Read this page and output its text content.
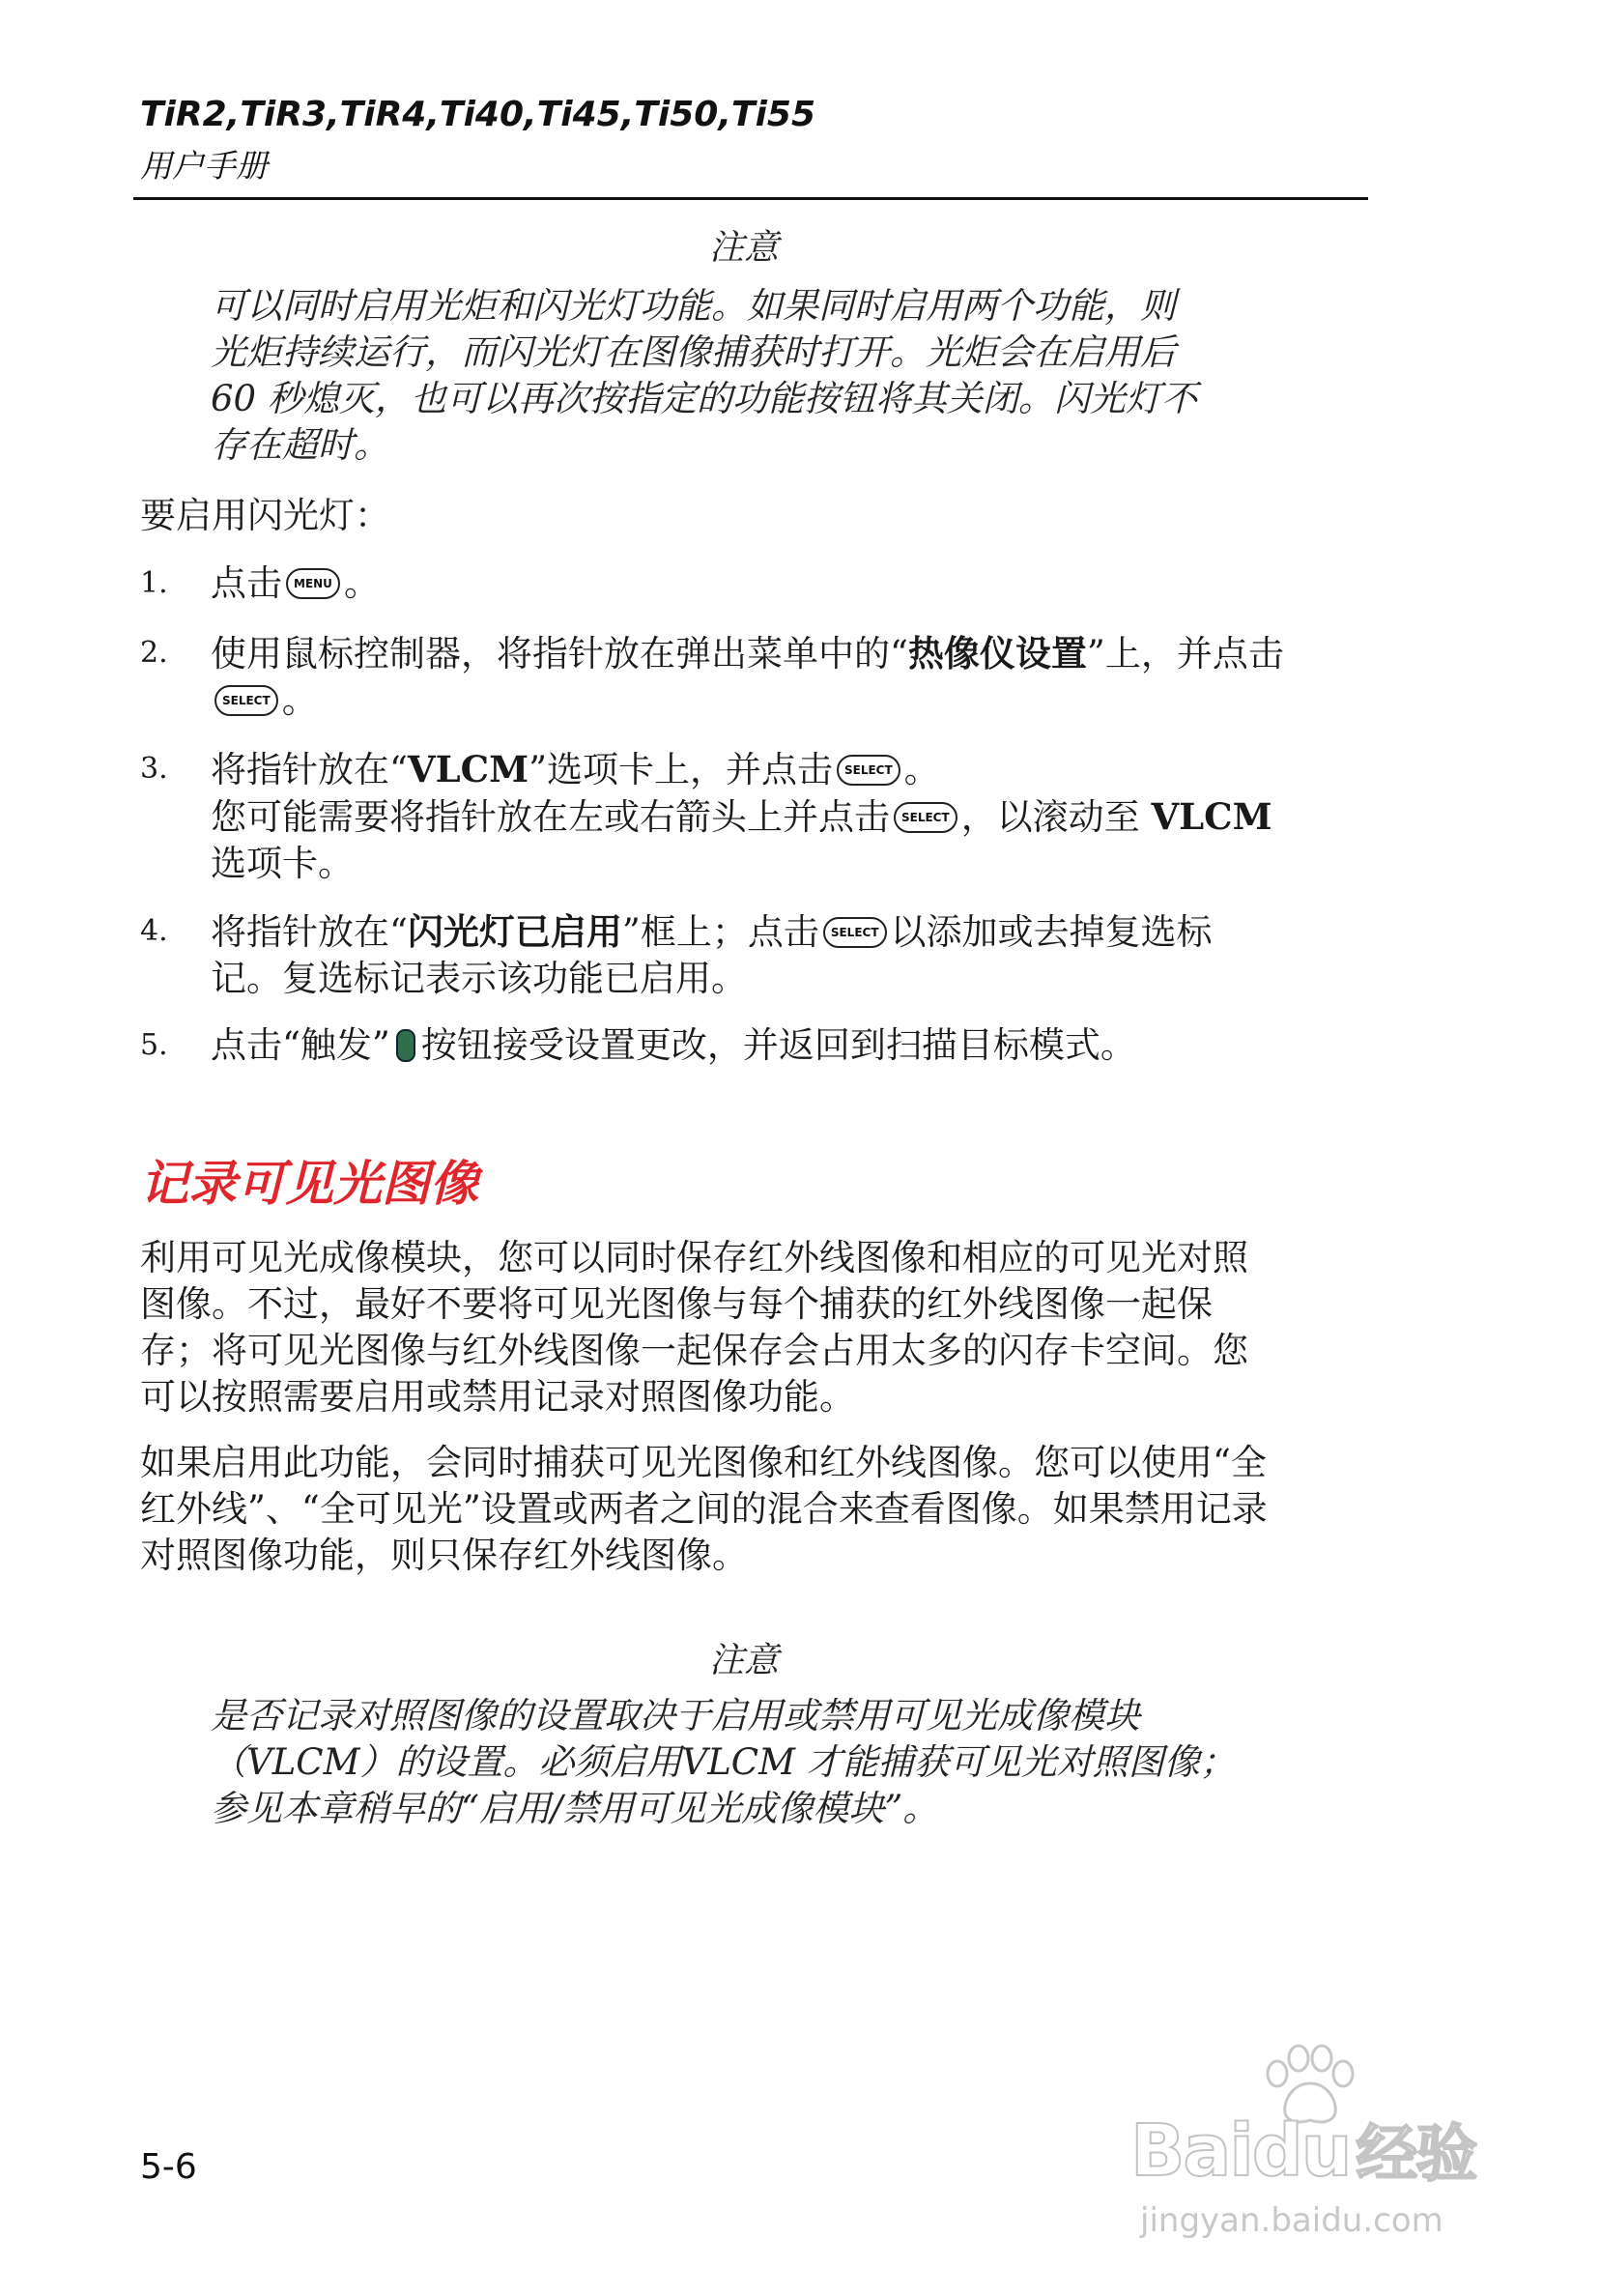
TiR2,TiR3,TiR4,Ti40,Ti45,Ti50,Ti55
用户手册
注意
可以同时启用光炬和闪光灯功能。如果同时启用两个功能，则
光炬持续运行，而闪光灯在图像捕获时打开。光炬会在启用后
60 秒熄灭，也可以再次按指定的功能按钮将其关闭。闪光灯不
存在超时。
要启用闪光灯：
1. 点击 MENU 。
2. 使用鼠标控制器，将指针放在弹出菜单中的“热像仪设置”上，并点击
SELECT 。
3. 将指针放在“VLCM”选项卡上，并点击 SELECT 。
您可能需要将指针放在左或右箭头上并点击 SELECT ，以滚动至 VLCM
选项卡。
4. 将指针放在“闪光灯已启用”框上；点击 SELECT 以添加或去掉复选标
记。复选标记表示该功能已启用。
5. 点击“触发” 按钮接受设置更改，并返回到扫描目标模式。
记录可见光图像
利用可见光成像模块，您可以同时保存红外线图像和相应的可见光对照
图像。不过，最好不要将可见光图像与每个捕获的红外线图像一起保
存；将可见光图像与红外线图像一起保存会占用太多的闪存卡空间。您
可以按照需要启用或禁用记录对照图像功能。
如果启用此功能，会同时捕获可见光图像和红外线图像。您可以使用“全
红外线”、“全可见光”设置或两者之间的混合来查看图像。如果禁用记录
对照图像功能，则只保存红外线图像。
注意
是否记录对照图像的设置取决于启用或禁用可见光成像模块
（VLCM）的设置。必须启用VLCM 才能捕获可见光对照图像；
参见本章稍早的“启用/禁用可见光成像模块”。
5-6	Baidu经验
jingyan.baidu.com
